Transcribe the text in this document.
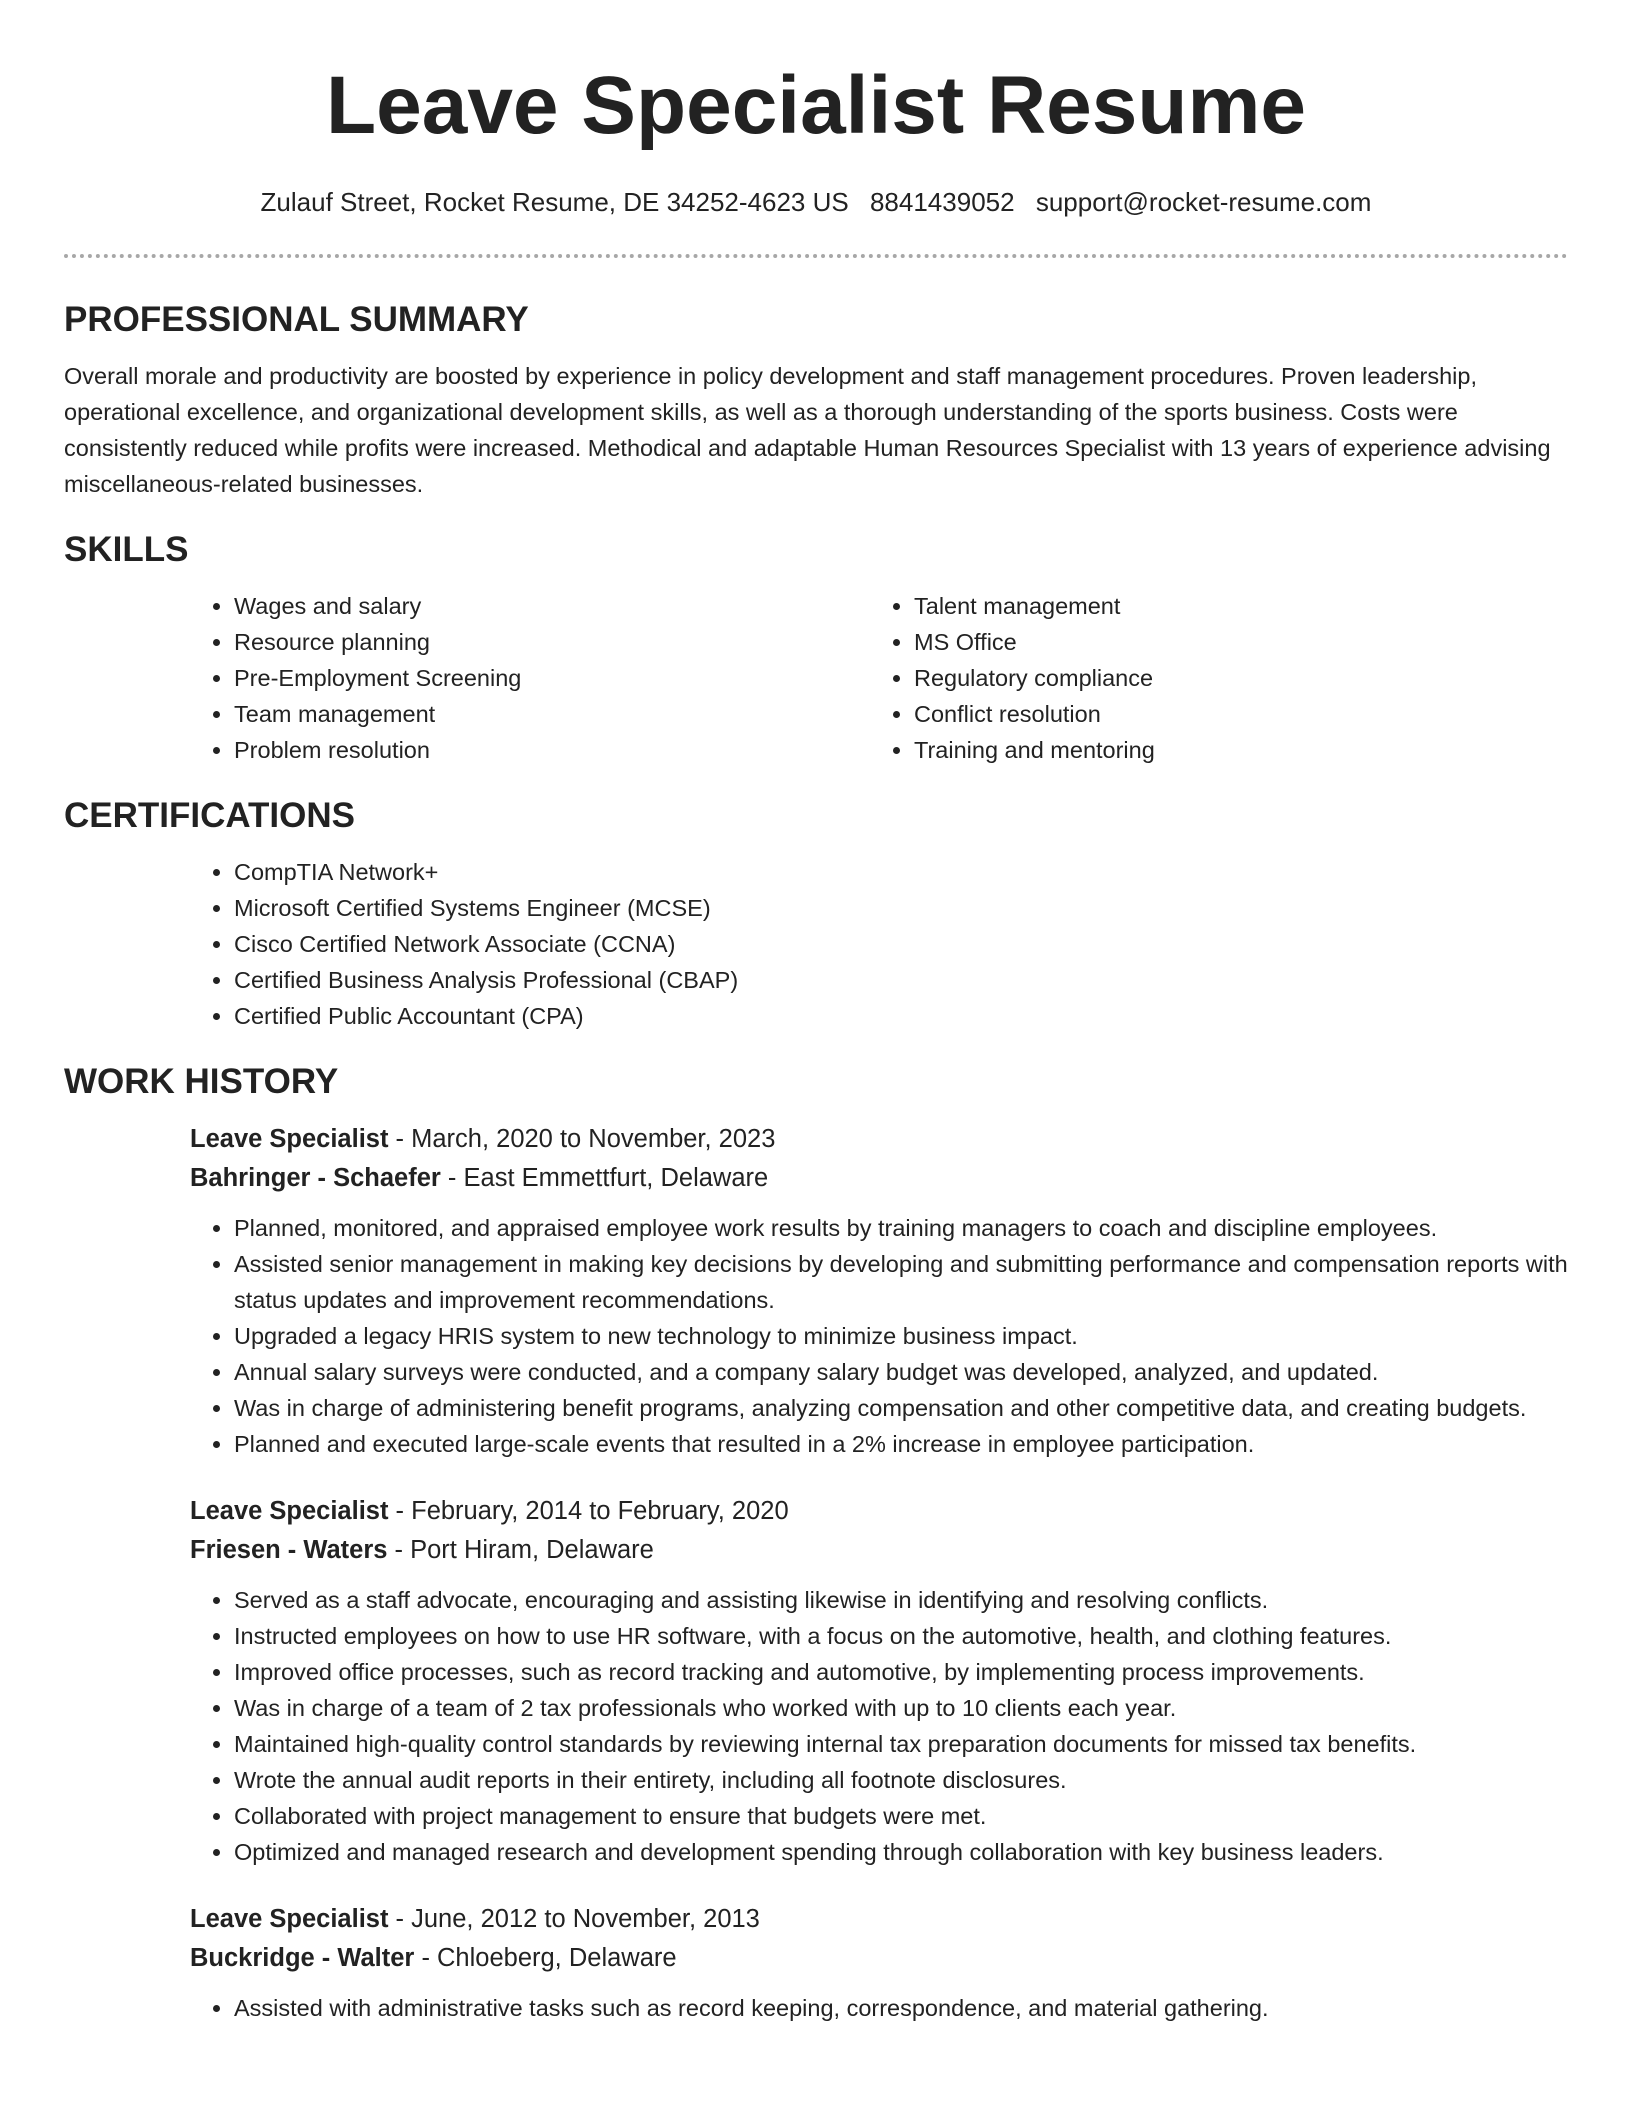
Leave Specialist Resume
Zulauf Street, Rocket Resume, DE 34252-4623 US 8841439052 support@rocket-resume.com
PROFESSIONAL SUMMARY

Overall morale and productivity are boosted by experience in policy development and staff management procedures. Proven leadership, operational excellence, and organizational development skills, as well as a thorough understanding of the sports business. Costs were consistently reduced while profits were increased. Methodical and adaptable Human Resources Specialist with 13 years of experience advising miscellaneous-related businesses.

SKILLS
• Wages and salary
• Resource planning
• Pre-Employment Screening
• Team management
• Problem resolution
• Talent management
• MS Office
• Regulatory compliance
• Conflict resolution
• Training and mentoring
CERTIFICATIONS
• CompTIA Network+
• Microsoft Certified Systems Engineer (MCSE)
• Cisco Certified Network Associate (CCNA)
• Certified Business Analysis Professional (CBAP)
• Certified Public Accountant (CPA)
WORK HISTORY
Leave Specialist - March, 2020 to November, 2023
Bahringer - Schaefer - East Emmettfurt, Delaware
• Planned, monitored, and appraised employee work results by training managers to coach and discipline employees.
• Assisted senior management in making key decisions by developing and submitting performance and compensation reports with status updates and improvement recommendations.
• Upgraded a legacy HRIS system to new technology to minimize business impact.
• Annual salary surveys were conducted, and a company salary budget was developed, analyzed, and updated.
• Was in charge of administering benefit programs, analyzing compensation and other competitive data, and creating budgets.
• Planned and executed large-scale events that resulted in a 2% increase in employee participation.
Leave Specialist - February, 2014 to February, 2020
Friesen - Waters - Port Hiram, Delaware
• Served as a staff advocate, encouraging and assisting likewise in identifying and resolving conflicts.
• Instructed employees on how to use HR software, with a focus on the automotive, health, and clothing features.
• Improved office processes, such as record tracking and automotive, by implementing process improvements.
• Was in charge of a team of 2 tax professionals who worked with up to 10 clients each year.
• Maintained high-quality control standards by reviewing internal tax preparation documents for missed tax benefits.
• Wrote the annual audit reports in their entirety, including all footnote disclosures.
• Collaborated with project management to ensure that budgets were met.
• Optimized and managed research and development spending through collaboration with key business leaders.
Leave Specialist - June, 2012 to November, 2013
Buckridge - Walter - Chloeberg, Delaware
• Assisted with administrative tasks such as record keeping, correspondence, and material gathering.
